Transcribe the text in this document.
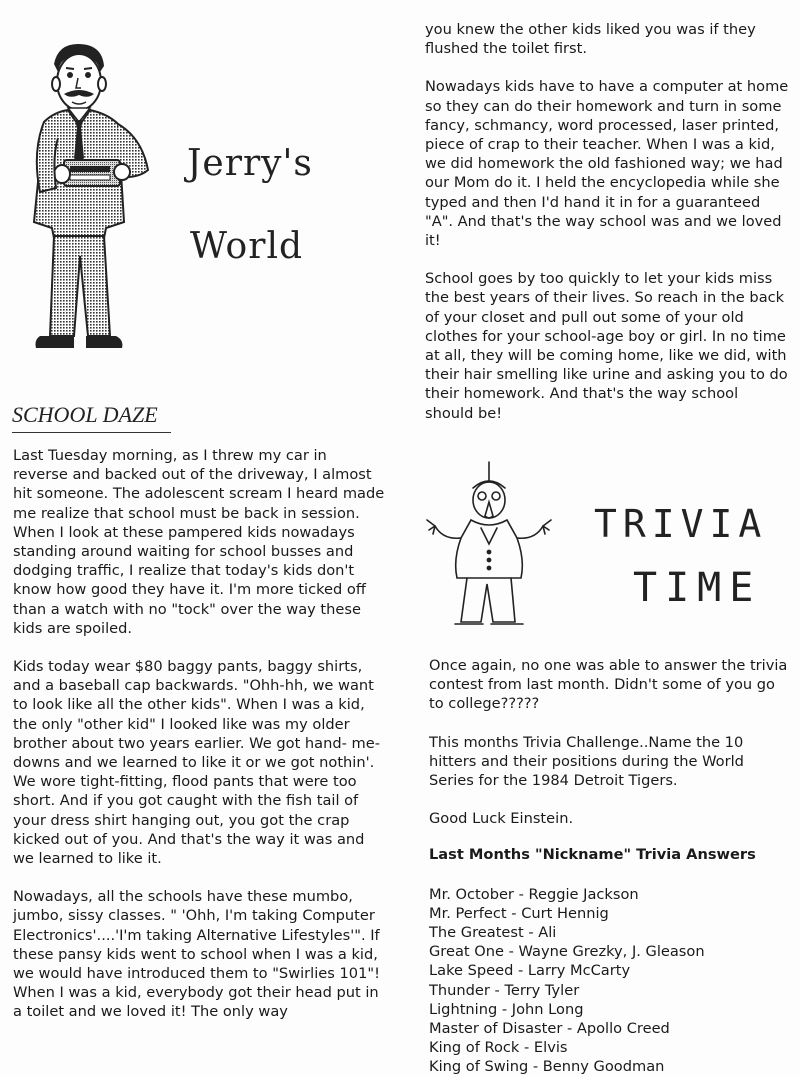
Jerry's
World
SCHOOL DAZE

Last Tuesday morning, as I threw my car in reverse and backed out of the driveway, I almost hit someone. The adolescent scream I heard made me realize that school must be back in session. When I look at these pampered kids nowadays standing around waiting for school busses and dodging traffic, I realize that today's kids don't know how good they have it. I'm more ticked off than a watch with no "tock" over the way these kids are spoiled.

Kids today wear $80 baggy pants, baggy shirts, and a baseball cap backwards. "Ohh-hh, we want to look like all the other kids". When I was a kid, the only "other kid" I looked like was my older brother about two years earlier. We got hand- me-downs and we learned to like it or we got nothin'. We wore tight-fitting, flood pants that were too short. And if you got caught with the fish tail of your dress shirt hanging out, you got the crap kicked out of you. And that's the way it was and we learned to like it.

Nowadays, all the schools have these mumbo, jumbo, sissy classes. " 'Ohh, I'm taking Computer Electronics'....'I'm taking Alternative Lifestyles'". If these pansy kids went to school when I was a kid, we would have introduced them to "Swirlies 101"! When I was a kid, everybody got their head put in a toilet and we loved it! The only way

you knew the other kids liked you was if they flushed the toilet first.

Nowadays kids have to have a computer at home so they can do their homework and turn in some fancy, schmancy, word processed, laser printed, piece of crap to their teacher. When I was a kid, we did homework the old fashioned way; we had our Mom do it. I held the encyclopedia while she typed and then I'd hand it in for a guaranteed "A". And that's the way school was and we loved it!

School goes by too quickly to let your kids miss the best years of their lives. So reach in the back of your closet and pull out some of your old clothes for your school-age boy or girl. In no time at all, they will be coming home, like we did, with their hair smelling like urine and asking you to do their homework. And that's the way school should be!

TRIVIA
TIME

Once again, no one was able to answer the trivia contest from last month. Didn't some of you go to college?????

This months Trivia Challenge..Name the 10 hitters and their positions during the World Series for the 1984 Detroit Tigers.

Good Luck Einstein.

Last Months "Nickname" Trivia Answers

Mr. October - Reggie Jackson
Mr. Perfect - Curt Hennig
The Greatest - Ali
Great One - Wayne Grezky, J. Gleason
Lake Speed - Larry McCarty
Thunder - Terry Tyler
Lightning - John Long
Master of Disaster - Apollo Creed
King of Rock - Elvis
King of Swing - Benny Goodman
